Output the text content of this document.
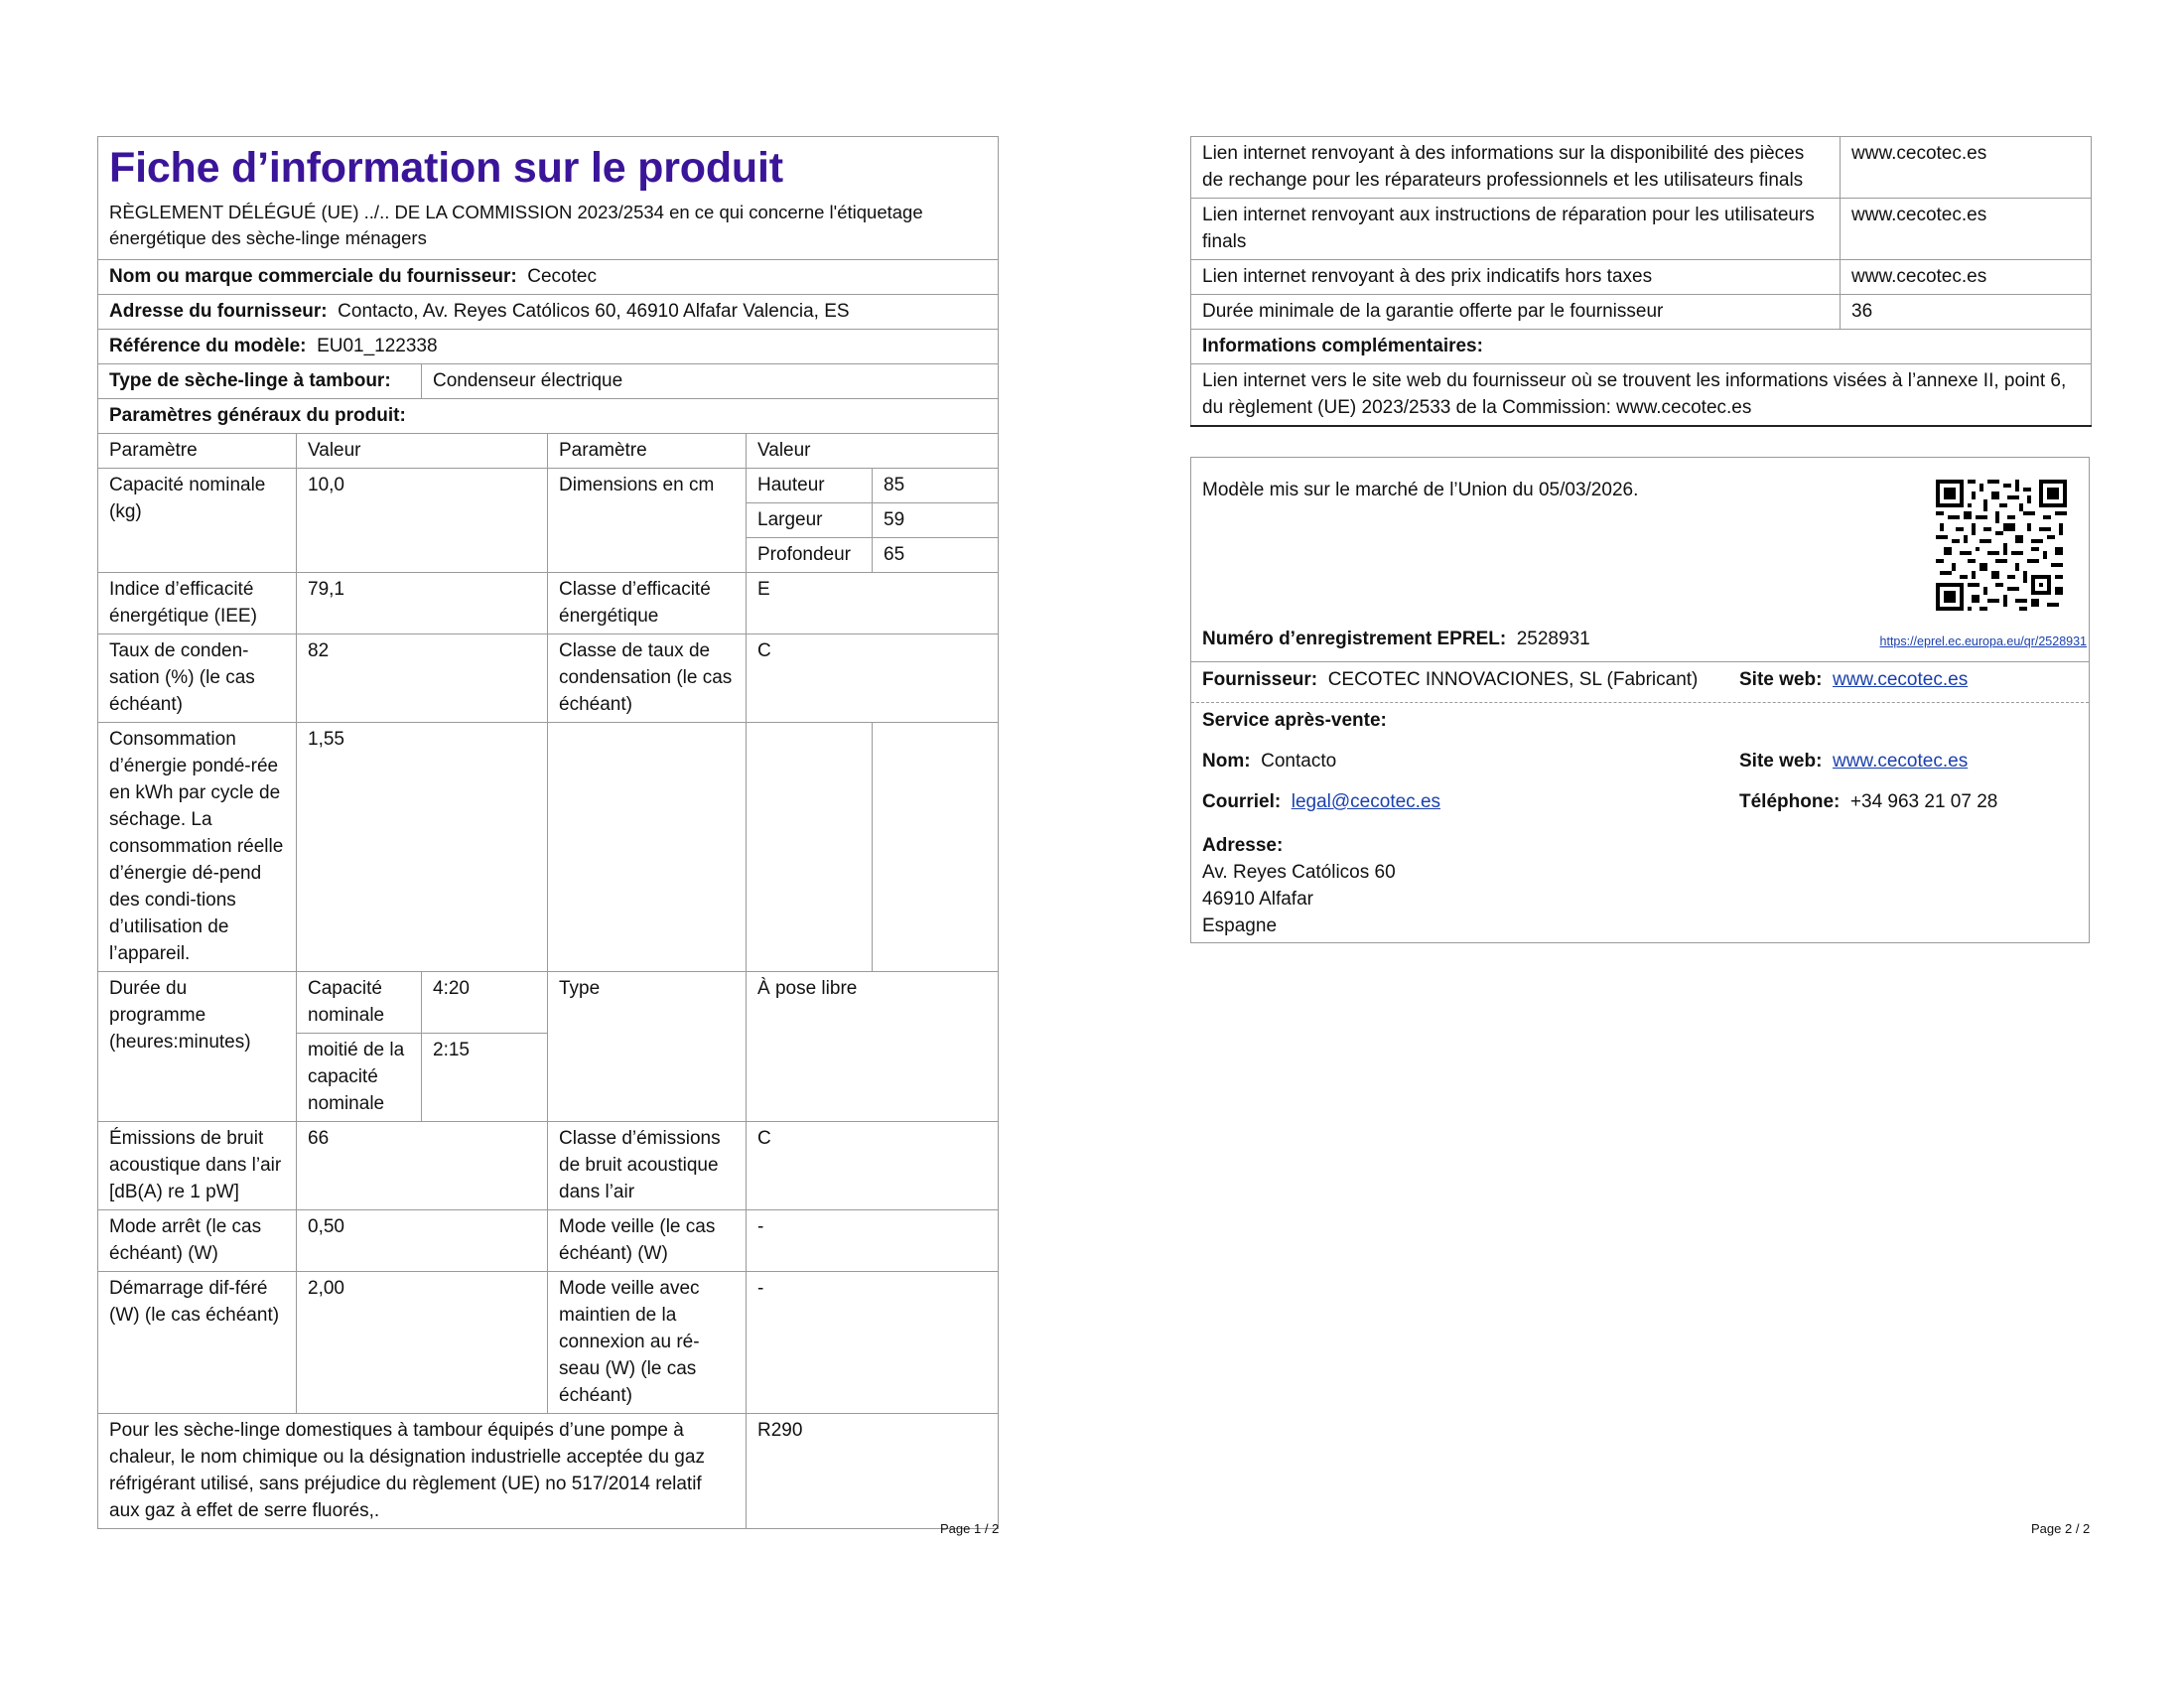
Fiche d’information sur le produit
RÈGLEMENT DÉLÉGUÉ (UE) ../.. DE LA COMMISSION 2023/2534 en ce qui concerne l'étiquetage énergétique des sèche-linge ménagers					

Nom ou marque commerciale du fournisseur: Cecotec					
Adresse du fournisseur: Contacto, Av. Reyes Católicos 60, 46910 Alfafar Valencia, ES					
Référence du modèle: EU01_122338					
Type de sèche-linge à tambour:		Condenseur électrique			
Paramètres généraux du produit:					
Paramètre	Valeur		Paramètre	Valeur	
Capacité nominale (kg)	10,0		Dimensions en cm	Hauteur	85
				Largeur	59
				Profondeur	65
Indice d’efficacité énergétique (IEE)	79,1		Classe d’efficacité énergétique	E	
Taux de conden-sation (%) (le cas échéant)	82		Classe de taux de condensation (le cas échéant)	C	
Consommation d’énergie pondé-rée en kWh par cycle de séchage. La consommation réelle d’énergie dé-pend des condi-tions d’utilisation de l’appareil.	1,55				
Durée du programme (heures:minutes)	Capacité nominale	4:20	Type	À pose libre	
	moitié de la capacité nominale	2:15			
Émissions de bruit acoustique dans l’air [dB(A) re 1 pW]	66		Classe d’émissions de bruit acoustique dans l’air	C	
Mode arrêt (le cas échéant) (W)	0,50		Mode veille (le cas échéant) (W)	-	
Démarrage dif-féré (W) (le cas échéant)	2,00		Mode veille avec maintien de la connexion au ré-seau (W) (le cas échéant)	-	
Pour les sèche-linge domestiques à tambour équipés d’une pompe à chaleur, le nom chimique ou la désignation industrielle acceptée du gaz réfrigérant utilisé, sans préjudice du règlement (UE) no 517/2014 relatif aux gaz à effet de serre fluorés,.				R290	
Page 1 / 2
Lien internet renvoyant à des informations sur la disponibilité des pièces de rechange pour les réparateurs professionnels et les utilisateurs finals	www.cecotec.es
Lien internet renvoyant aux instructions de réparation pour les utilisateurs finals	www.cecotec.es
Lien internet renvoyant à des prix indicatifs hors taxes	www.cecotec.es
Durée minimale de la garantie offerte par le fournisseur	36
Informations complémentaires:	
Lien internet vers le site web du fournisseur où se trouvent les informations visées à l’annexe II, point 6, du règlement (UE) 2023/2533 de la Commission: www.cecotec.es	
Modèle mis sur le marché de l’Union du 05/03/2026.
Numéro d’enregistrement EPREL: 2528931	https://eprel.ec.europa.eu/qr/2528931
Fournisseur: CECOTEC INNOVACIONES, SL (Fabricant) Site web: www.cecotec.es
Service après-vente:
Nom: Contacto	Site web: www.cecotec.es
Courriel: legal@cecotec.es	Téléphone: +34 963 21 07 28
Adresse:
Av. Reyes Católicos 60
46910 Alfafar
Espagne
Page 2 / 2
